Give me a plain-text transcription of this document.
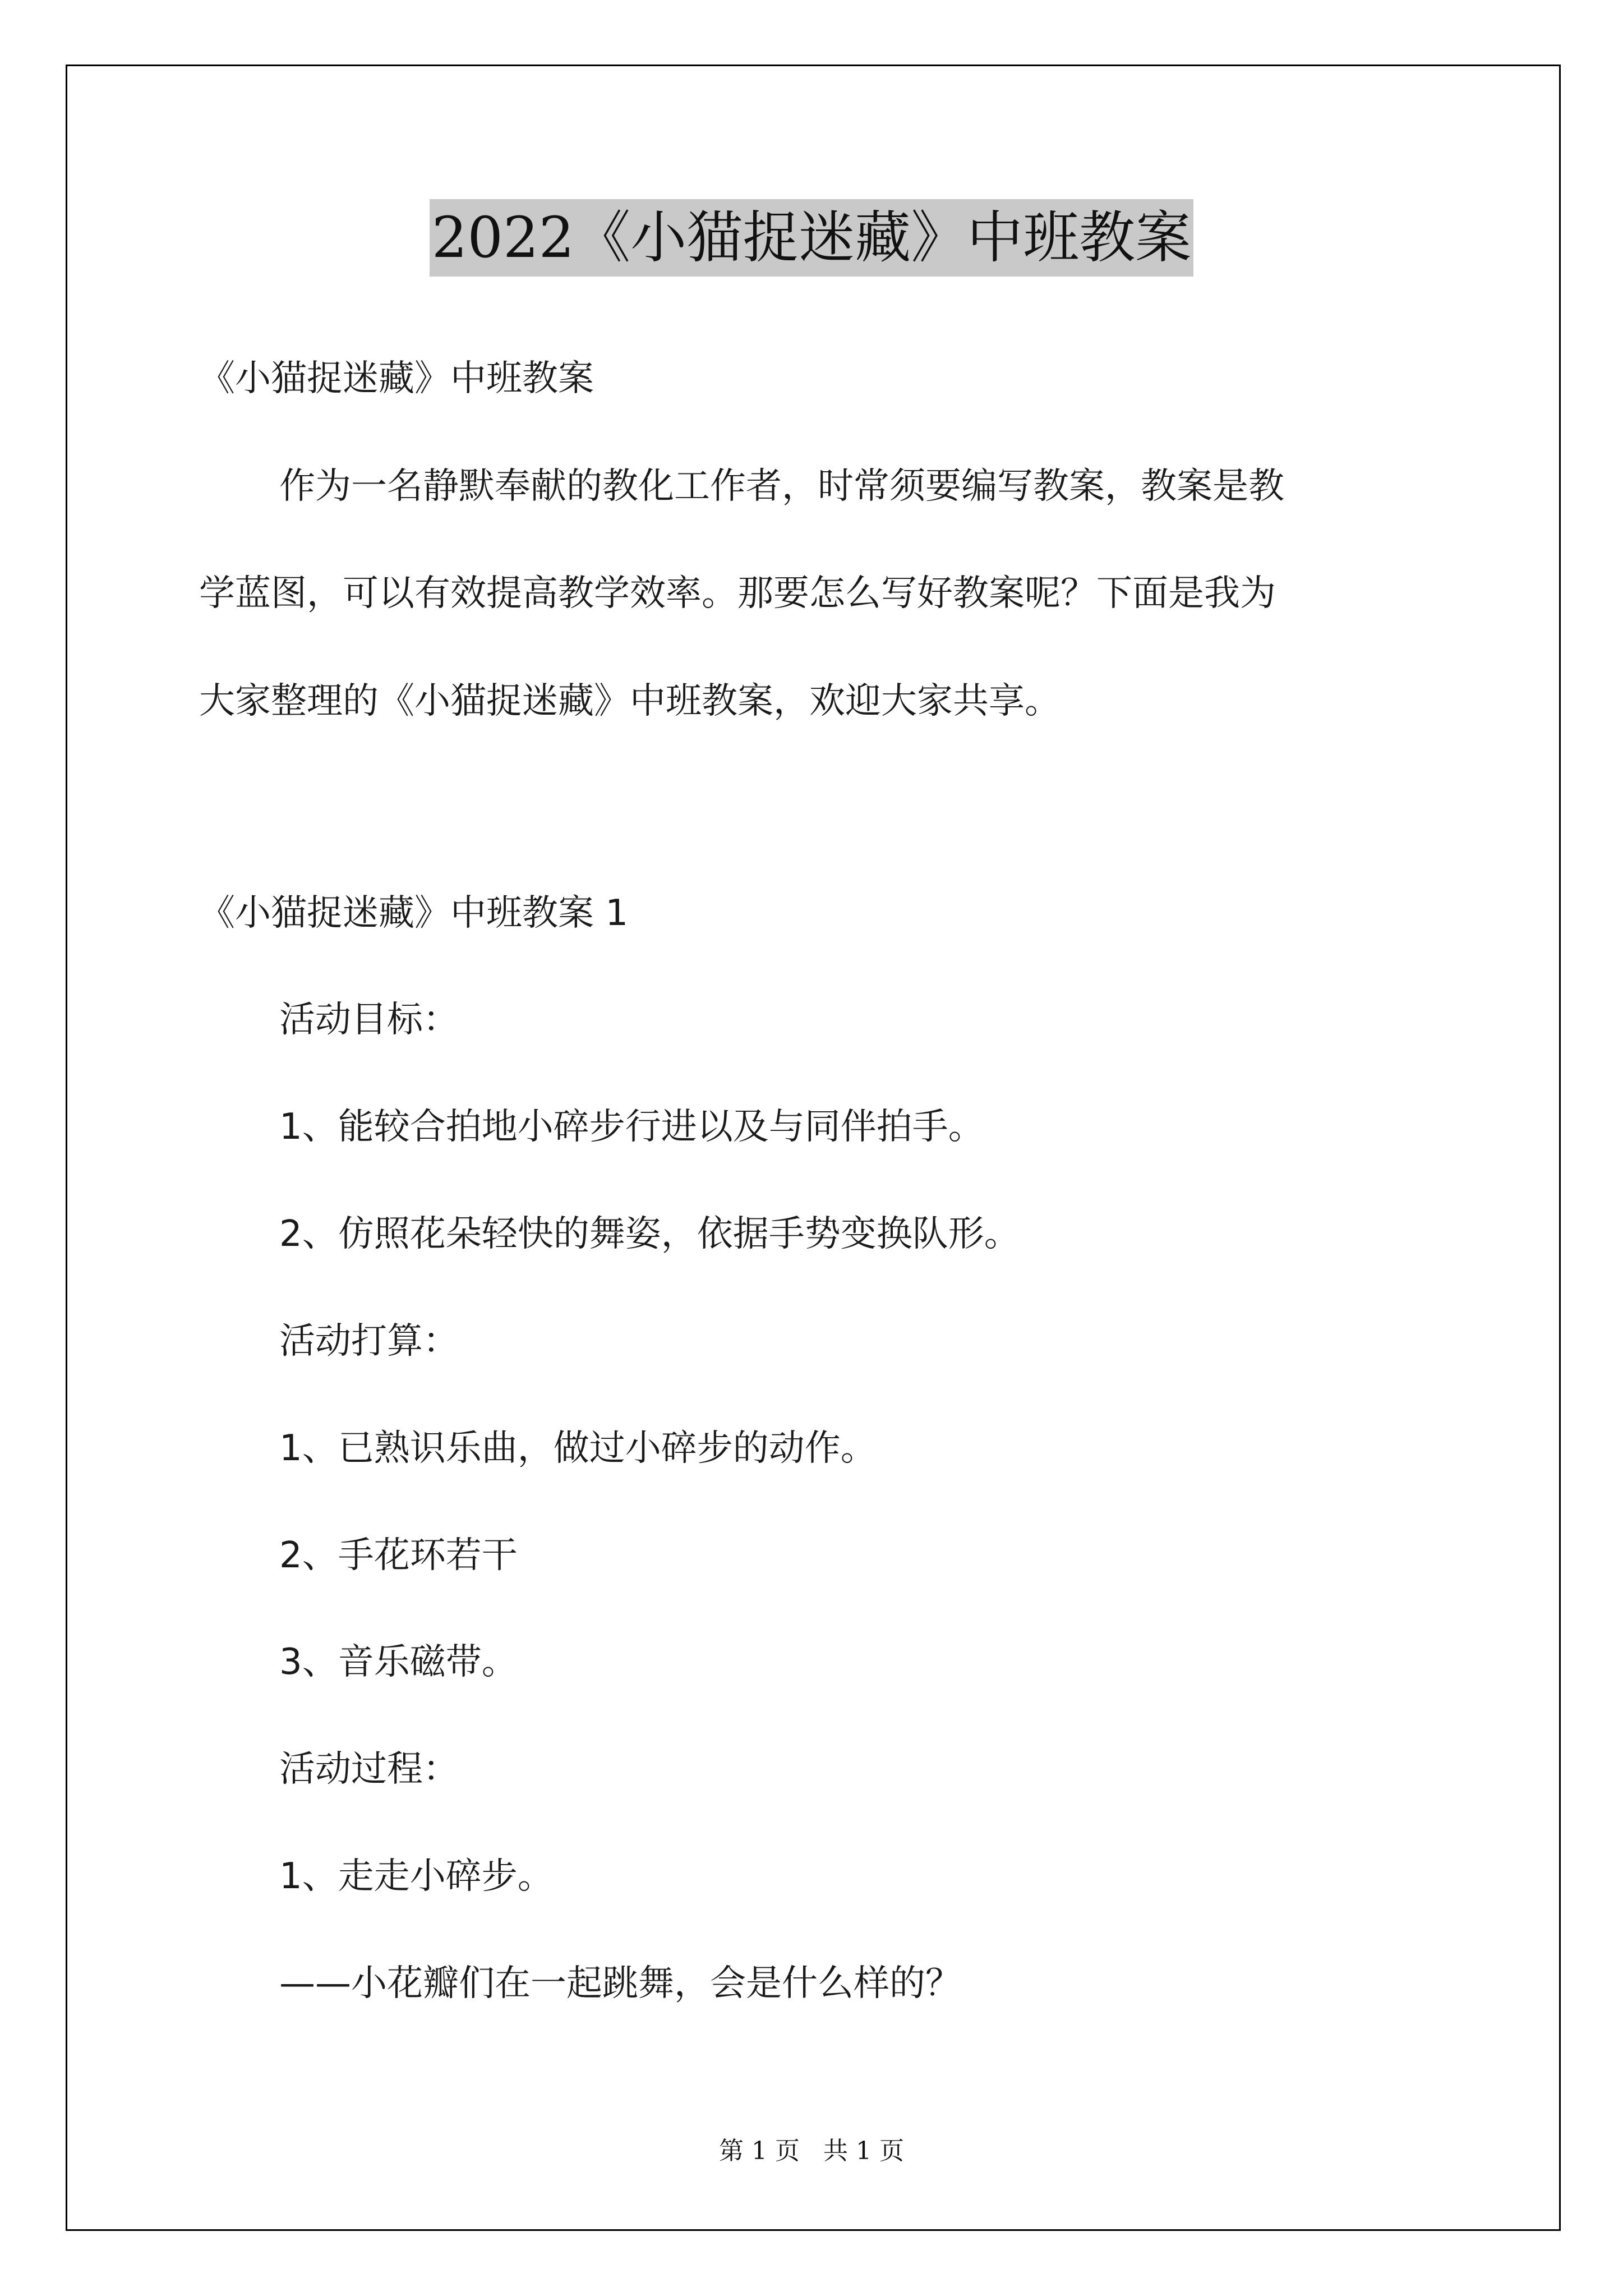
2022《小猫捉迷藏》中班教案
《小猫捉迷藏》中班教案
作为一名静默奉献的教化工作者，时常须要编写教案，教案是教
学蓝图，可以有效提高教学效率。那要怎么写好教案呢？下面是我为
大家整理的《小猫捉迷藏》中班教案，欢迎大家共享。
《小猫捉迷藏》中班教案 1
活动目标：
1、能较合拍地小碎步行进以及与同伴拍手。
2、仿照花朵轻快的舞姿，依据手势变换队形。
活动打算：
1、已熟识乐曲，做过小碎步的动作。
2、手花环若干
3、音乐磁带。
活动过程：
1、走走小碎步。
——小花瓣们在一起跳舞，会是什么样的？
第 1 页   共 1 页
